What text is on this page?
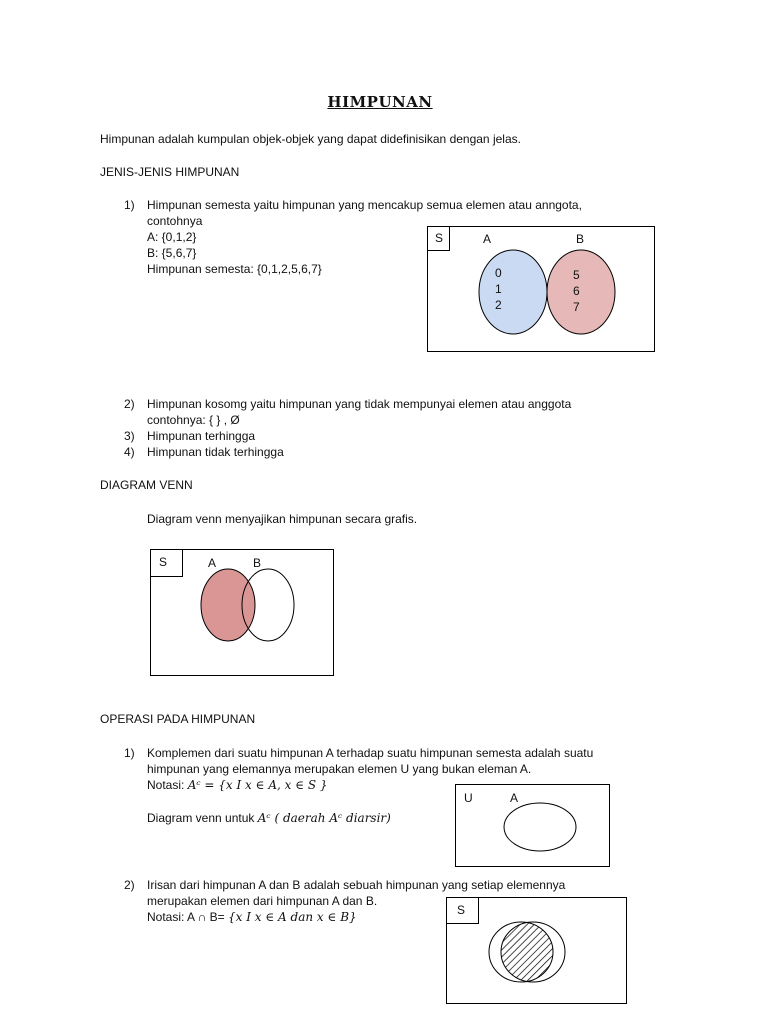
HIMPUNAN
Himpunan adalah kumpulan objek-objek yang dapat didefinisikan dengan jelas.
JENIS-JENIS HIMPUNAN
1) Himpunan semesta yaitu himpunan yang mencakup semua elemen atau anngota,
contohnya
A: {0,1,2}
B: {5,6,7}
Himpunan semesta: {0,1,2,5,6,7}
S	A	B
0
1
2
5
6
7
2) Himpunan kosomg yaitu himpunan yang tidak mempunyai elemen atau anggota
contohnya: { } , Ø
3) Himpunan terhingga
4) Himpunan tidak terhingga
DIAGRAM VENN
Diagram venn menyajikan himpunan secara grafis.
S	A	B
OPERASI PADA HIMPUNAN
1) Komplemen dari suatu himpunan A terhadap suatu himpunan semesta adalah suatu
himpunan yang elemannya merupakan elemen U yang bukan eleman A.
Notasi: Aᶜ = {x I x ∈ A, x ∈ S }
Diagram venn untuk Aᶜ ( daerah Aᶜ diarsir)
U	A
2) Irisan dari himpunan A dan B adalah sebuah himpunan yang setiap elemennya
merupakan elemen dari himpunan A dan B.
Notasi: A ∩ B= {x I x ∈ A dan x ∈ B}	S
